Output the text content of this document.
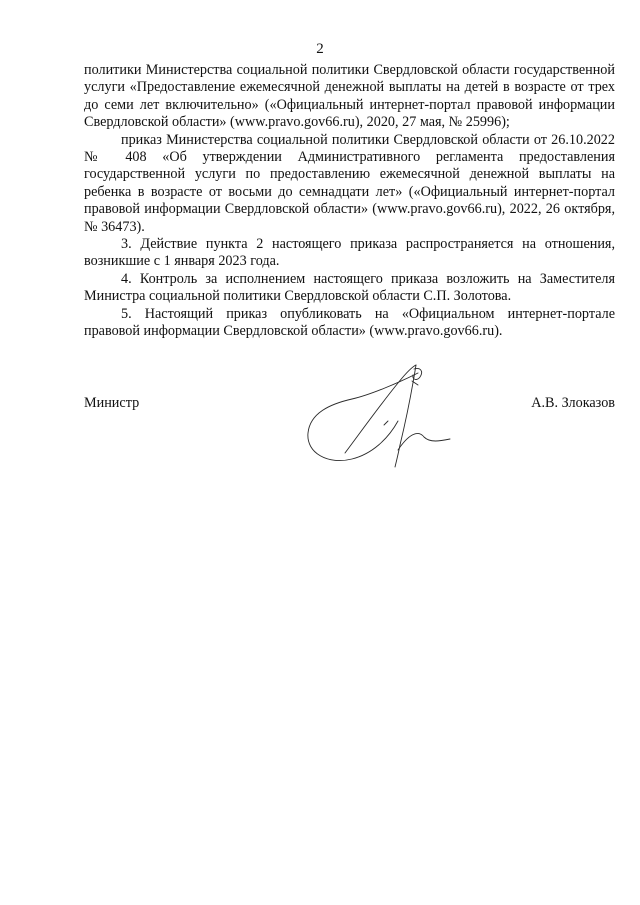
2

политики Министерства социальной политики Свердловской области государственной услуги «Предоставление ежемесячной денежной выплаты на детей в возрасте от трех до семи лет включительно» («Официальный интернет-портал правовой информации Свердловской области» (www.pravo.gov66.ru), 2020, 27 мая, № 25996);

приказ Министерства социальной политики Свердловской области от 26.10.2022 № 408 «Об утверждении Административного регламента предоставления государственной услуги по предоставлению ежемесячной денежной выплаты на ребенка в возрасте от восьми до семнадцати лет» («Официальный интернет-портал правовой информации Свердловской области» (www.pravo.gov66.ru), 2022, 26 октября, № 36473).

3. Действие пункта 2 настоящего приказа распространяется на отношения, возникшие с 1 января 2023 года.

4. Контроль за исполнением настоящего приказа возложить на Заместителя Министра социальной политики Свердловской области С.П. Золотова.

5. Настоящий приказ опубликовать на «Официальном интернет-портале правовой информации Свердловской области» (www.pravo.gov66.ru).

Министр	А.В. Злоказов
